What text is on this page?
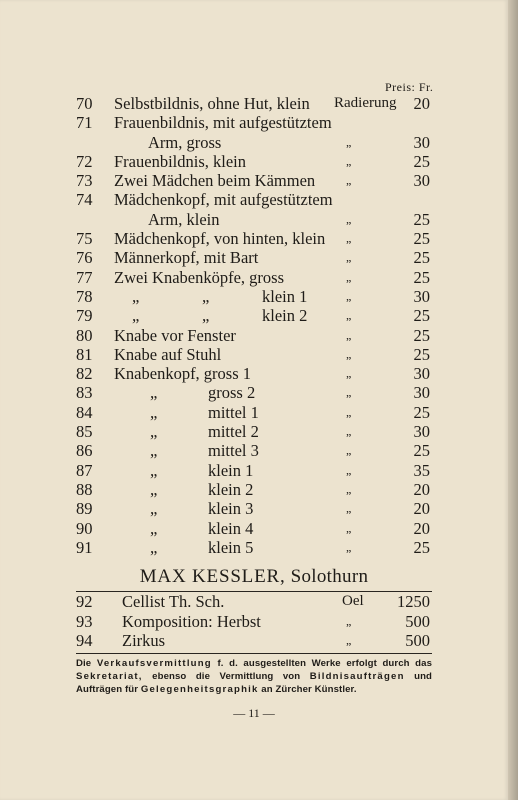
Preis: Fr.
70 Selbstbildnis, ohne Hut, klein Radierung 20
71 Frauenbildnis, mit aufgestütztem
Arm, gross	„	30
72 Frauenbildnis, klein	„	25
73 Zwei Mädchen beim Kämmen	„	30
74 Mädchenkopf, mit aufgestütztem
Arm, klein	„	25
75 Mädchenkopf, von hinten, klein „	25
76 Männerkopf, mit Bart	„	25
77 Zwei Knabenköpfe, gross	„	25
78 „	„	klein 1	„	30
79 „	„	klein 2	„	25
80 Knabe vor Fenster	„	25
81 Knabe auf Stuhl	„	25
82 Knabenkopf, gross 1	„	30
83	„	gross 2	„	30
84	„	mittel 1	„	25
85	„	mittel 2	„	30
86	„	mittel 3	„	25
87	„	klein 1	„	35
88	„	klein 2	„	20
89	„	klein 3	„	20
90	„	klein 4	„	20
91	„	klein 5	„	25
MAX KESSLER, Solothurn
92 Cellist Th. Sch.	Oel 1250
93 Komposition: Herbst	„	500
94 Zirkus	„	500
Die Verkaufsvermittlung f. d. ausgestellten Werke erfolgt durch das Sekretariat, ebenso die Vermittlung von Bildnisaufträgen und Aufträgen für Gelegenheitsgraphik an Zürcher Künstler.
— 11 —
